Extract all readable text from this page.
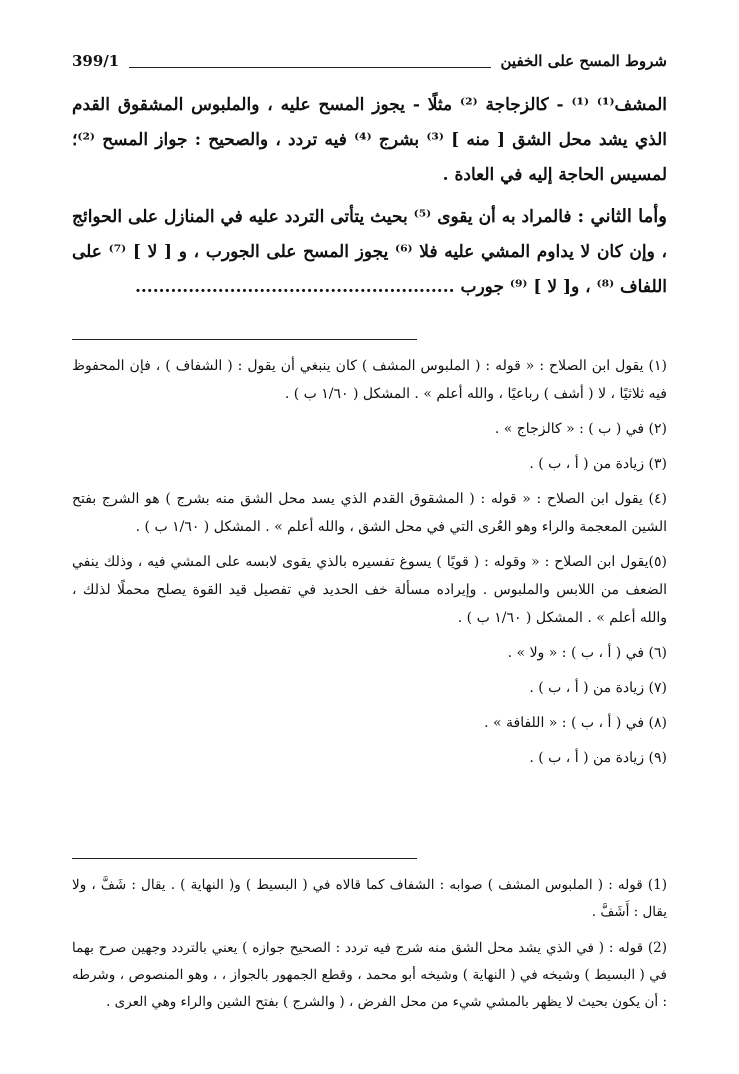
شروط المسح على الخفين
399/1

المشف⁽¹⁾ ⁽¹⁾ - كالزجاجة ⁽²⁾ مثلًا - يجوز المسح عليه ، والملبوس المشقوق القدم الذي يشد محل الشق [ منه ] ⁽³⁾ بشرج ⁽⁴⁾ فيه تردد ، والصحيح : جواز المسح ⁽²⁾؛ لمسيس الحاجة إليه في العادة .

وأما الثاني : فالمراد به أن يقوى ⁽⁵⁾ بحيث يتأتى التردد عليه في المنازل على الحوائج ، وإن كان لا يداوم المشي عليه فلا ⁽⁶⁾ يجوز المسح على الجورب ، و [ لا ] ⁽⁷⁾ على اللفاف ⁽⁸⁾ ، و[ لا ] ⁽⁹⁾ جورب ......................................................

(١) يقول ابن الصلاح : « قوله : ( الملبوس المشف ) كان ينبغي أن يقول : ( الشفاف ) ، فإن المحفوظ فيه ثلاثيًا ، لا ( أشف ) رباعيًا ، والله أعلم » . المشكل ( ١/٦٠ ب ) .

(٢) في ( ب ) : « كالزجاج » .

(٣) زيادة من ( أ ، ب ) .

(٤) يقول ابن الصلاح : « قوله : ( المشقوق القدم الذي يسد محل الشق منه بشرج ) هو الشرج بفتح الشين المعجمة والراء وهو العُرى التي في محل الشق ، والله أعلم » . المشكل ( ١/٦٠ ب ) .

(٥)يقول ابن الصلاح : « وقوله : ( قويًا ) يسوغ تفسيره بالذي يقوى لابسه على المشي فيه ، وذلك ينفي الضعف من اللابس والملبوس . وإيراده مسألة خف الحديد في تفصيل قيد القوة يصلح محملًا لذلك ، والله أعلم » . المشكل ( ١/٦٠ ب ) .

(٦) في ( أ ، ب ) : « ولا » .

(٧) زيادة من ( أ ، ب ) .

(٨) في ( أ ، ب ) : « اللفافة » .

(٩) زيادة من ( أ ، ب ) .

(1) قوله : ( الملبوس المشف ) صوابه : الشفاف كما قالاه في ( البسيط ) و( النهاية ) . يقال : شَفَّ ، ولا يقال : أَشَفَّ .

(2) قوله : ( في الذي يشد محل الشق منه شرج فيه تردد : الصحيح جوازه ) يعني بالتردد وجهين صرح بهما في ( البسيط ) وشيخه في ( النهاية ) وشيخه أبو محمد ، وقطع الجمهور بالجواز ، ، وهو المنصوص ، وشرطه : أن يكون بحيث لا يظهر بالمشي شيء من محل الفرض ، ( والشرج ) بفتح الشين والراء وهي العرى .
